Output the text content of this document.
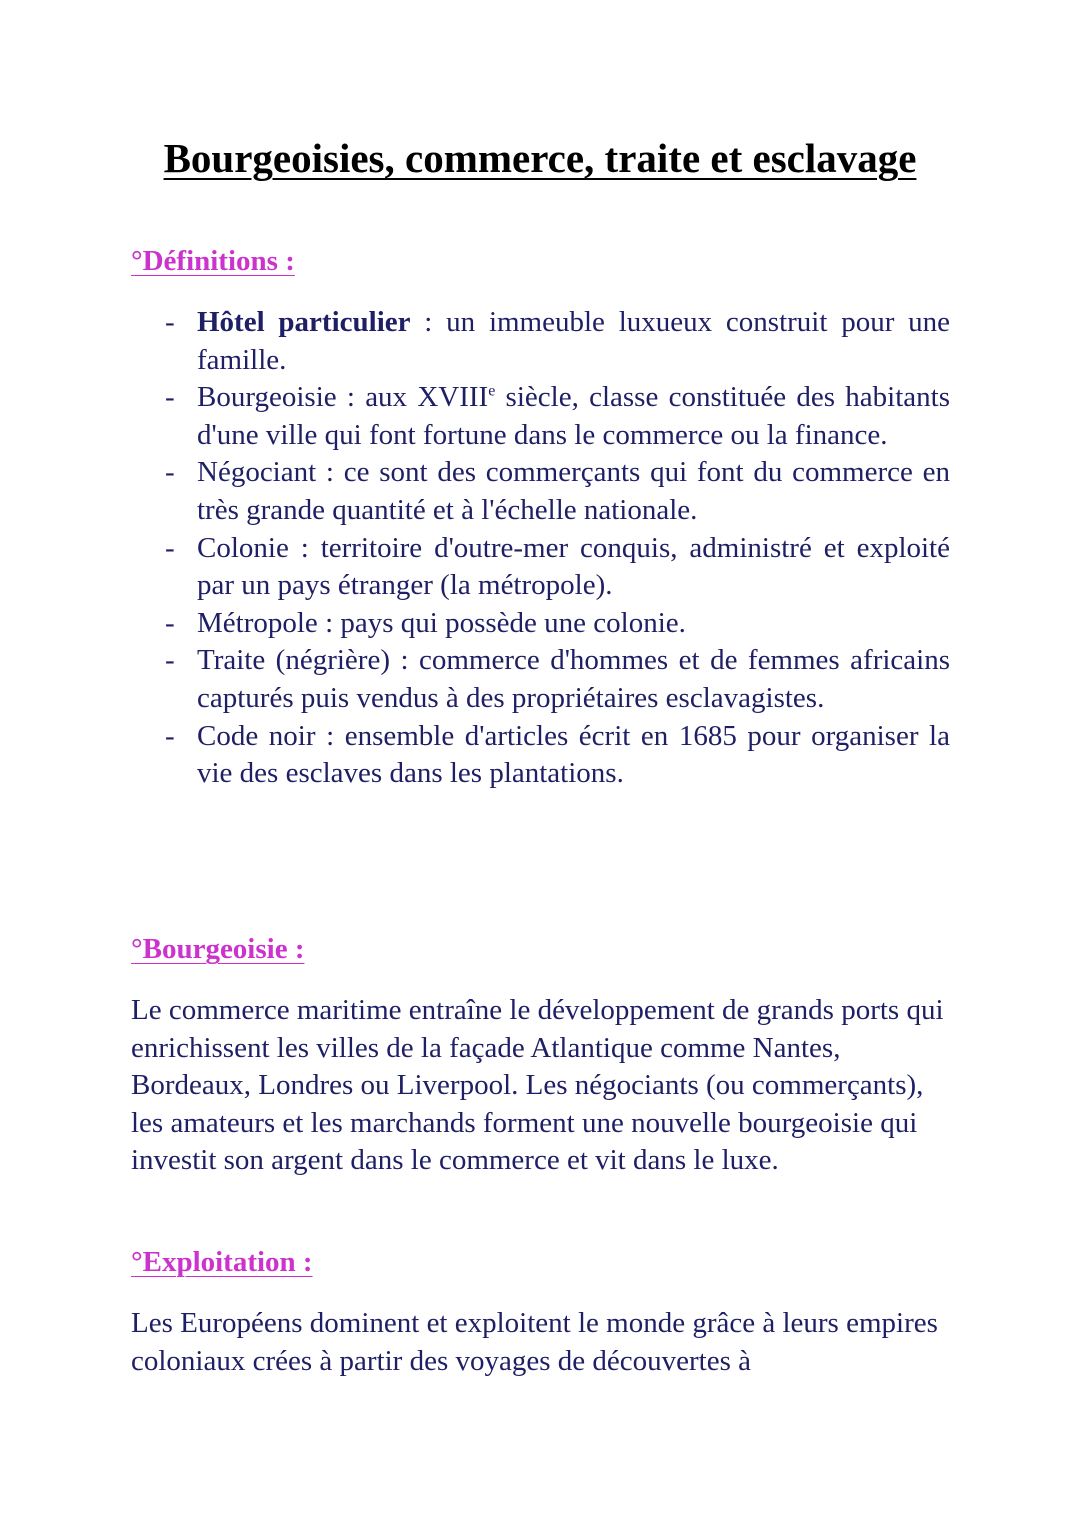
Bourgeoisies, commerce, traite et esclavage
°Définitions :
- Hôtel particulier : un immeuble luxueux construit pour une famille.
- Bourgeoisie : aux XVIIIe siècle, classe constituée des habitants d'une ville qui font fortune dans le commerce ou la finance.
- Négociant : ce sont des commerçants qui font du commerce en très grande quantité et à l'échelle nationale.
- Colonie : territoire d'outre-mer conquis, administré et exploité par un pays étranger (la métropole).
- Métropole : pays qui possède une colonie.
- Traite (négrière) : commerce d'hommes et de femmes africains capturés puis vendus à des propriétaires esclavagistes.
- Code noir : ensemble d'articles écrit en 1685 pour organiser la vie des esclaves dans les plantations.
°Bourgeoisie :

Le commerce maritime entraîne le développement de grands ports qui enrichissent les villes de la façade Atlantique comme Nantes, Bordeaux, Londres ou Liverpool. Les négociants (ou commerçants), les amateurs et les marchands forment une nouvelle bourgeoisie qui investit son argent dans le commerce et vit dans le luxe.

°Exploitation :

Les Européens dominent et exploitent le monde grâce à leurs empires coloniaux crées à partir des voyages de découvertes à
